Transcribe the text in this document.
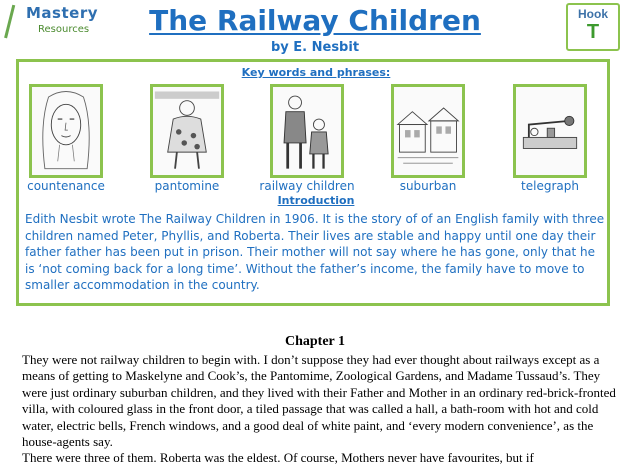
Mastery
Resources	The Railway Children
by E. Nesbit
Hook
T
Key words and phrases:
countenance	pantomine	railway children	suburban	telegraph
Introduction
Edith Nesbit wrote The Railway Children in 1906. It is the story of of an English family with three children named Peter, Phyllis, and Roberta. Their lives are stable and happy until one day their father father has been put in prison. Their mother will not say where he has gone, only that he is ‘not coming back for a long time’. Without the father’s income, the family have to move to smaller accommodation in the country.
Chapter 1

They were not railway children to begin with. I don’t suppose they had ever thought about railways except as a means of getting to Maskelyne and Cook’s, the Pantomime, Zoological Gardens, and Madame Tussaud’s. They were just ordinary suburban children, and they lived with their Father and Mother in an ordinary red-brick-fronted villa, with coloured glass in the front door, a tiled passage that was called a hall, a bath-room with hot and cold water, electric bells, French windows, and a good deal of white paint, and ‘every modern convenience’, as the house-agents say.

There were three of them. Roberta was the eldest. Of course, Mothers never have favourites, but if
